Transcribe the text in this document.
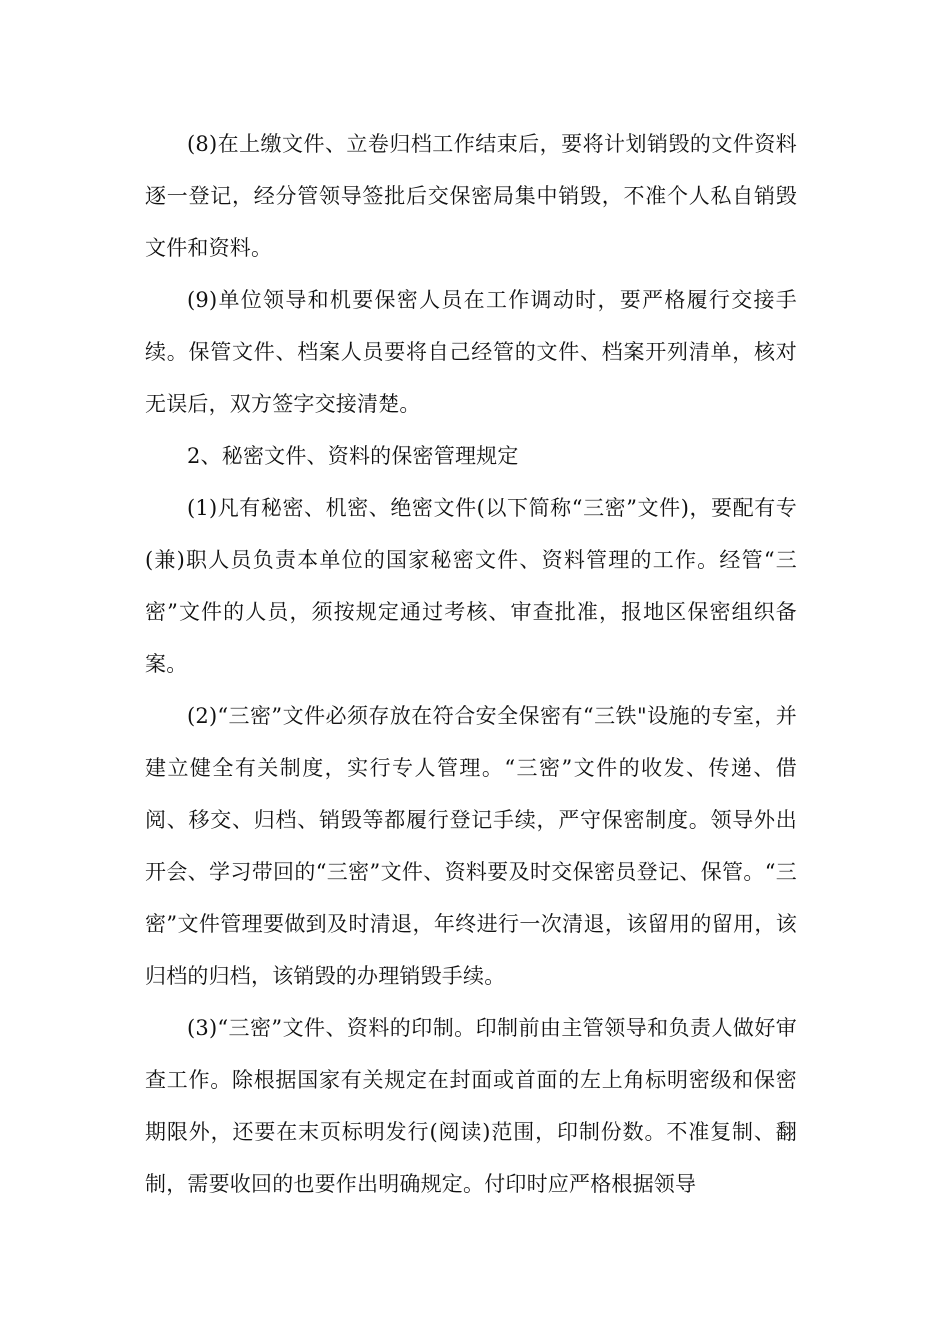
(8)在上缴文件、立卷归档工作结束后，要将计划销毁的文件资料逐一登记，经分管领导签批后交保密局集中销毁，不准个人私自销毁文件和资料。

(9)单位领导和机要保密人员在工作调动时，要严格履行交接手续。保管文件、档案人员要将自己经管的文件、档案开列清单，核对无误后，双方签字交接清楚。

2、秘密文件、资料的保密管理规定

(1)凡有秘密、机密、绝密文件(以下简称“三密”文件)，要配有专(兼)职人员负责本单位的国家秘密文件、资料管理的工作。经管“三密”文件的人员，须按规定通过考核、审查批准，报地区保密组织备案。

(2)“三密”文件必须存放在符合安全保密有“三铁"设施的专室，并建立健全有关制度，实行专人管理。“三密”文件的收发、传递、借阅、移交、归档、销毁等都履行登记手续，严守保密制度。领导外出开会、学习带回的“三密”文件、资料要及时交保密员登记、保管。“三密”文件管理要做到及时清退，年终进行一次清退，该留用的留用，该归档的归档，该销毁的办理销毁手续。

(3)“三密”文件、资料的印制。印制前由主管领导和负责人做好审查工作。除根据国家有关规定在封面或首面的左上角标明密级和保密期限外，还要在末页标明发行(阅读)范围，印制份数。不准复制、翻制，需要收回的也要作出明确规定。付印时应严格根据领导
